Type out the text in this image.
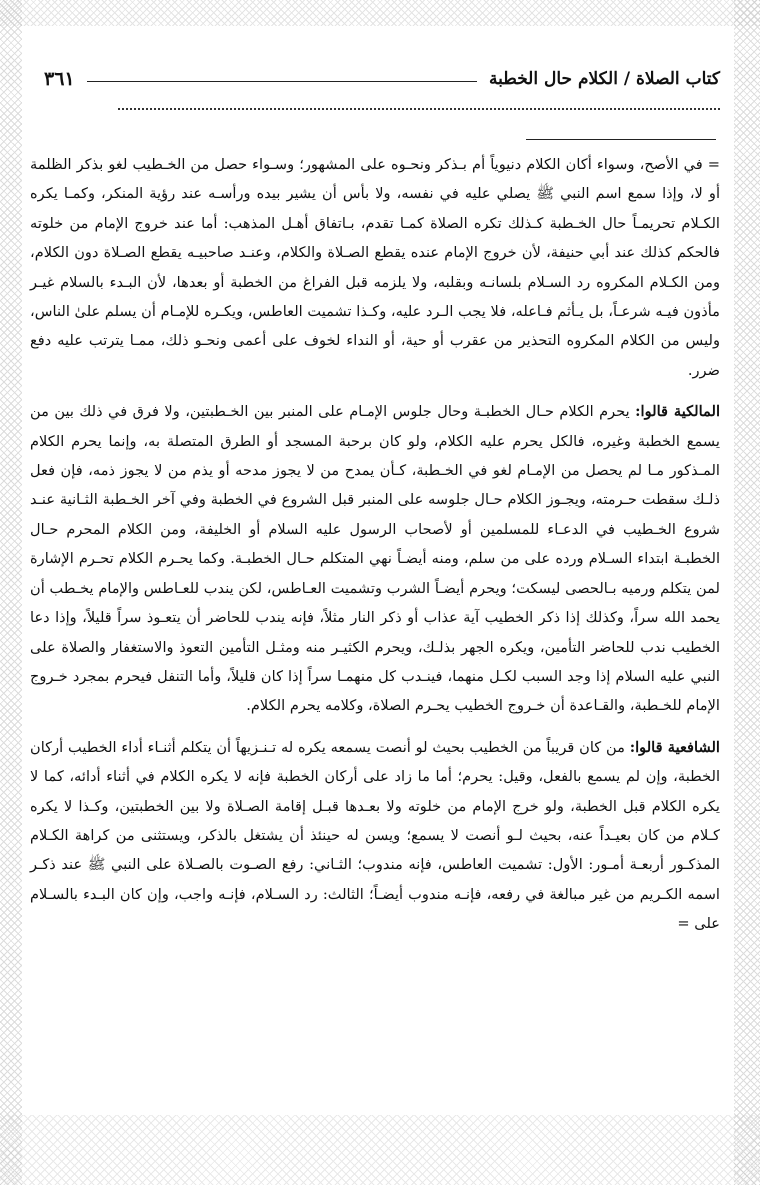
كتاب الصلاة / الكلام حال الخطبة
٣٦١

= في الأصح، وسواء أكان الكلام دنيوياً أم بـذكر ونحـوه على المشهور؛ وسـواء حصل من الخـطيب لغو بذكر الظلمة أو لا، وإذا سمع اسم النبي ﷺ يصلي عليه في نفسه، ولا بأس أن يشير بيده ورأسـه عند رؤية المنكر، وكمـا يكره الكـلام تحريمـاً حال الخـطبة كـذلك تكره الصلاة كمـا تقدم، بـاتفاق أهـل المذهب: أما عند خروج الإمام من خلوته فالحكم كذلك عند أبي حنيفة، لأن خروج الإمام عنده يقطع الصـلاة والكلام، وعنـد صاحبيـه يقطع الصـلاة دون الكلام، ومن الكـلام المكروه رد السـلام بلسانـه وبقلبه، ولا يلزمه قبل الفراغ من الخطبة أو بعدها، لأن البـدء بالسلام غيـر مأذون فيـه شرعـاً، بل يـأثم فـاعله، فلا يجب الـرد عليه، وكـذا تشميت العاطس، ويكـره للإمـام أن يسلم علىٰ الناس، وليس من الكلام المكروه التحذير من عقرب أو حية، أو النداء لخوف على أعمى ونحـو ذلك، ممـا يترتب عليه دفع ضرر.

المالكية قالوا: يحرم الكلام حـال الخطبـة وحال جلوس الإمـام على المنبر بين الخـطبتين، ولا فرق في ذلك بين من يسمع الخطبة وغيره، فالكل يحرم عليه الكلام، ولو كان برحبة المسجد أو الطرق المتصلة به، وإنما يحرم الكلام المـذكور مـا لم يحصل من الإمـام لغو في الخـطبة، كـأن يمدح من لا يجوز مدحه أو يذم من لا يجوز ذمه، فإن فعل ذلـك سقطت حـرمته، ويجـوز الكلام حـال جلوسه على المنبر قبل الشروع في الخطبة وفي آخر الخـطبة الثـانية عنـد شروع الخـطيب في الدعـاء للمسلمين أو لأصحاب الرسول عليه السلام أو الخليفة، ومن الكلام المحرم حـال الخطبـة ابتداء السـلام ورده على من سلم، ومنه أيضـاً نهي المتكلم حـال الخطبـة. وكما يحـرم الكلام تحـرم الإشارة لمن يتكلم ورميه بـالحصى ليسكت؛ ويحرم أيضـاً الشرب وتشميت العـاطس، لكن يندب للعـاطس والإمام يخـطب أن يحمد الله سراً، وكذلك إذا ذكر الخطيب آية عذاب أو ذكر النار مثلاً، فإنه يندب للحاضر أن يتعـوذ سراً قليلاً، وإذا دعا الخطيب ندب للحاضر التأمين، ويكره الجهر بذلـك، ويحرم الكثيـر منه ومثـل التأمين التعوذ والاستغفار والصلاة على النبي عليه السلام إذا وجد السبب لكـل منهما، فينـدب كل منهمـا سراً إذا كان قليلاً، وأما التنفل فيحرم بمجرد خـروج الإمام للخـطبة، والقـاعدة أن خـروج الخطيب يحـرم الصلاة، وكلامه يحرم الكلام.

الشافعية قالوا: من كان قريباً من الخطيب بحيث لو أنصت يسمعه يكره له تـنـزيهاً أن يتكلم أثنـاء أداء الخطيب أركان الخطبة، وإن لم يسمع بالفعل، وقيل: يحرم؛ أما ما زاد على أركان الخطبة فإنه لا يكره الكلام في أثناء أدائه، كما لا يكره الكلام قبل الخطبة، ولو خرج الإمام من خلوته ولا بعـدها قبـل إقامة الصـلاة ولا بين الخطبتين، وكـذا لا يكره كـلام من كان بعيـداً عنه، بحيث لـو أنصت لا يسمع؛ ويسن له حينئذ أن يشتغل بالذكر، ويستثنى من كراهة الكـلام المذكـور أربعـة أمـور: الأول: تشميت العاطس، فإنه مندوب؛ الثـاني: رفع الصـوت بالصـلاة على النبي ﷺ عند ذكـر اسمه الكـريم من غير مبالغة في رفعه، فإنـه مندوب أيضـاً؛ الثالث: رد السـلام، فإنـه واجب، وإن كان البـدء بالسـلام على =
